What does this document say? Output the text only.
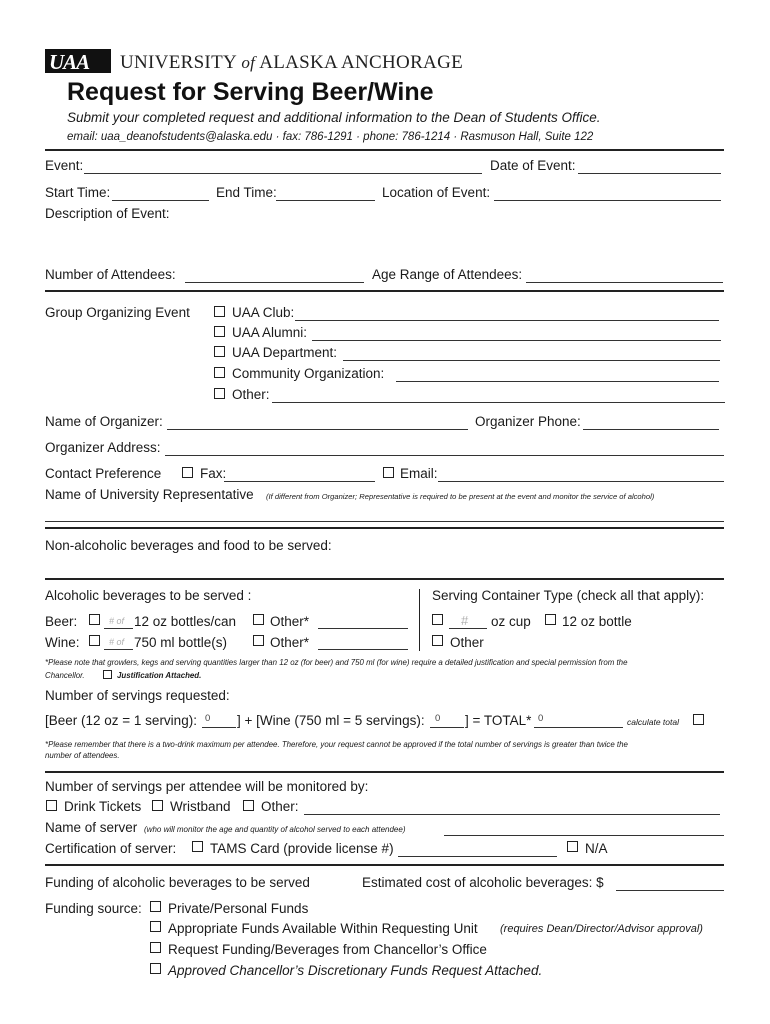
UAA UNIVERSITY of ALASKA ANCHORAGE
Request for Serving Beer/Wine
Submit your completed request and additional information to the Dean of Students Office.
email: uaa_deanofstudents@alaska.edu · fax: 786-1291 · phone: 786-1214 · Rasmuson Hall, Suite 122
Event:	Date of Event:
Start Time:	End Time:	Location of Event:
Description of Event:
Number of Attendees:	Age Range of Attendees:
Group Organizing Event	UAA Club:
UAA Alumni:
UAA Department:
Community Organization:
Other:
Name of Organizer:	Organizer Phone:
Organizer Address:
Contact Preference	Fax:	Email:
Name of University Representative (If different from Organizer; Representative is required to be present at the event and monitor the service of alcohol)
Non-alcoholic beverages and food to be served:
Alcoholic beverages to be served :	Serving Container Type (check all that apply):
Beer:	# of 12 oz bottles/can	Other*
Wine:	# of 750 ml bottle(s)	Other*
# oz cup 12 oz bottle
Other
*Please note that growlers, kegs and serving quantities larger than 12 oz (for beer) and 750 ml (for wine) require a detailed justification and special permission from the
Chancellor.	Justification Attached.
Number of servings requested:
[Beer (12 oz = 1 serving): 0 ] + [Wine (750 ml = 5 servings): 0 ] = TOTAL* 0	calculate total
*Please remember that there is a two-drink maximum per attendee. Therefore, your request cannot be approved if the total number of servings is greater than twice the
number of attendees.
Number of servings per attendee will be monitored by:
Drink Tickets Wristband Other:
Name of server (who will monitor the age and quantity of alcohol served to each attendee)
Certification of server: TAMS Card (provide license #)	N/A
Funding of alcoholic beverages to be served	Estimated cost of alcoholic beverages: $
Funding source: Private/Personal Funds
Appropriate Funds Available Within Requesting Unit (requires Dean/Director/Advisor approval)
Request Funding/Beverages from Chancellor’s Office
Approved Chancellor’s Discretionary Funds Request Attached.
